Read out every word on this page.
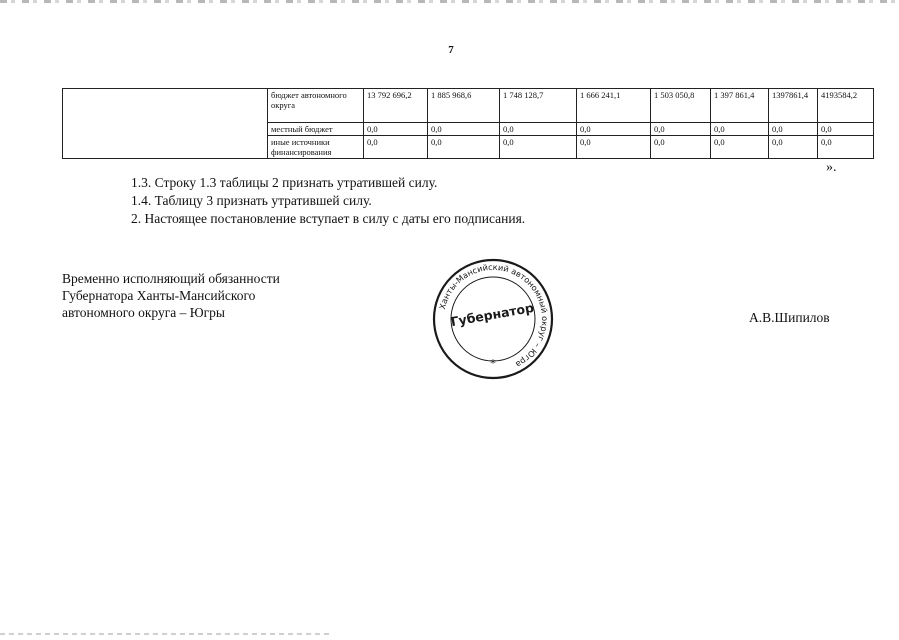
7
	бюджет автономного округа	13 792 696,2	1 885 968,6	1 748 128,7	1 666 241,1	1 503 050,8	1 397 861,4	1397861,4	4193584,2
	местный бюджет	0,0	0,0	0,0	0,0	0,0	0,0	0,0	0,0
	иные источники финансирования	0,0	0,0	0,0	0,0	0,0	0,0	0,0	0,0
».
1.3. Строку 1.3 таблицы 2 признать утратившей силу.
1.4. Таблицу 3 признать утратившей силу.
2. Настоящее постановление вступает в силу с даты его подписания.
Временно исполняющий обязанности
Губернатора Ханты-Мансийского
автономного округа – Югры	Ханты-Мансийский автономный округ – Югра
Губернатор
*
А.В.Шипилов
